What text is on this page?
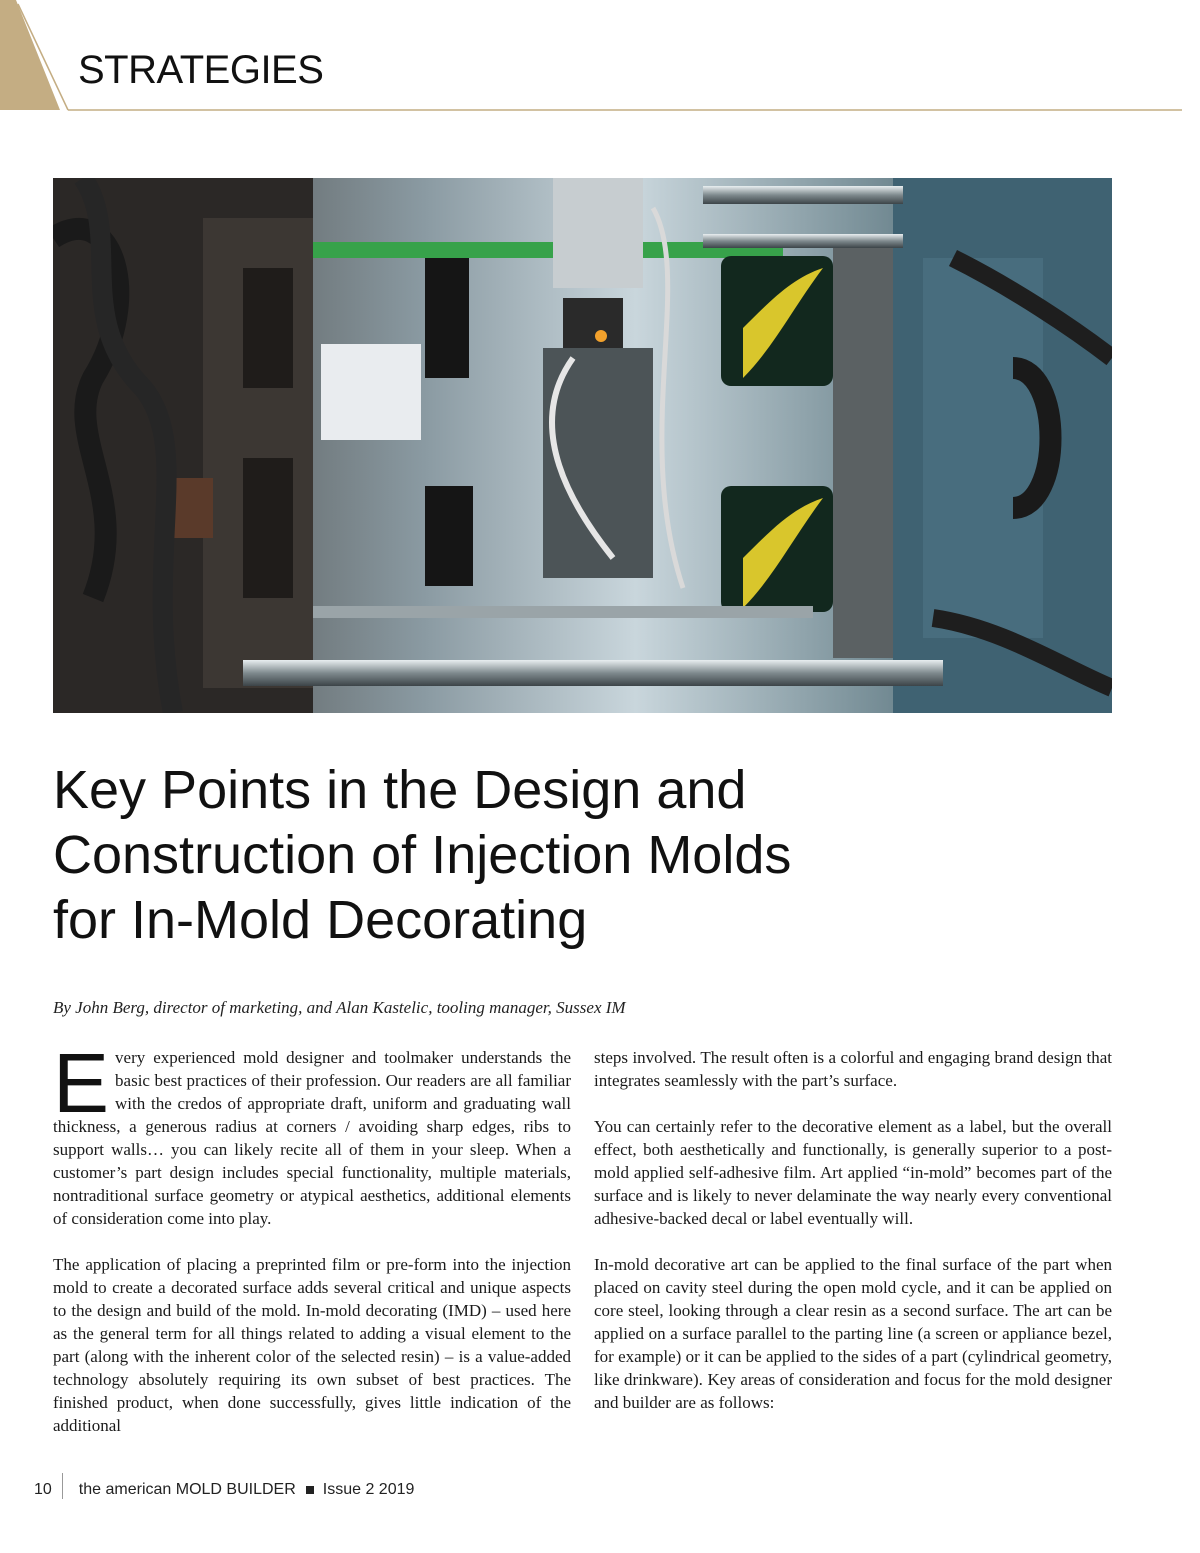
STRATEGIES
Key Points in the Design and
Construction of Injection Molds
for In-Mold Decorating
By John Berg, director of marketing, and Alan Kastelic, tooling manager, Sussex IM

Every experienced mold designer and toolmaker understands the basic best practices of their profession. Our readers are all familiar with the credos of appropriate draft, uniform and graduating wall thickness, a generous radius at corners / avoiding sharp edges, ribs to support walls… you can likely recite all of them in your sleep. When a customer’s part design includes special functionality, multiple materials, nontraditional surface geometry or atypical aesthetics, additional elements of consideration come into play.

The application of placing a preprinted film or pre-form into the injection mold to create a decorated surface adds several critical and unique aspects to the design and build of the mold. In-mold decorating (IMD) – used here as the general term for all things related to adding a visual element to the part (along with the inherent color of the selected resin) – is a value-added technology absolutely requiring its own subset of best practices. The finished product, when done successfully, gives little indication of the additional

steps involved. The result often is a colorful and engaging brand design that integrates seamlessly with the part’s surface.

You can certainly refer to the decorative element as a label, but the overall effect, both aesthetically and functionally, is generally superior to a post-mold applied self-adhesive film. Art applied “in-mold” becomes part of the surface and is likely to never delaminate the way nearly every conventional adhesive-backed decal or label eventually will.

In-mold decorative art can be applied to the final surface of the part when placed on cavity steel during the open mold cycle, and it can be applied on core steel, looking through a clear resin as a second surface. The art can be applied on a surface parallel to the parting line (a screen or appliance bezel, for example) or it can be applied to the sides of a part (cylindrical geometry, like drinkware). Key areas of consideration and focus for the mold designer and builder are as follows:

10	the american MOLD BUILDER Issue 2 2019
